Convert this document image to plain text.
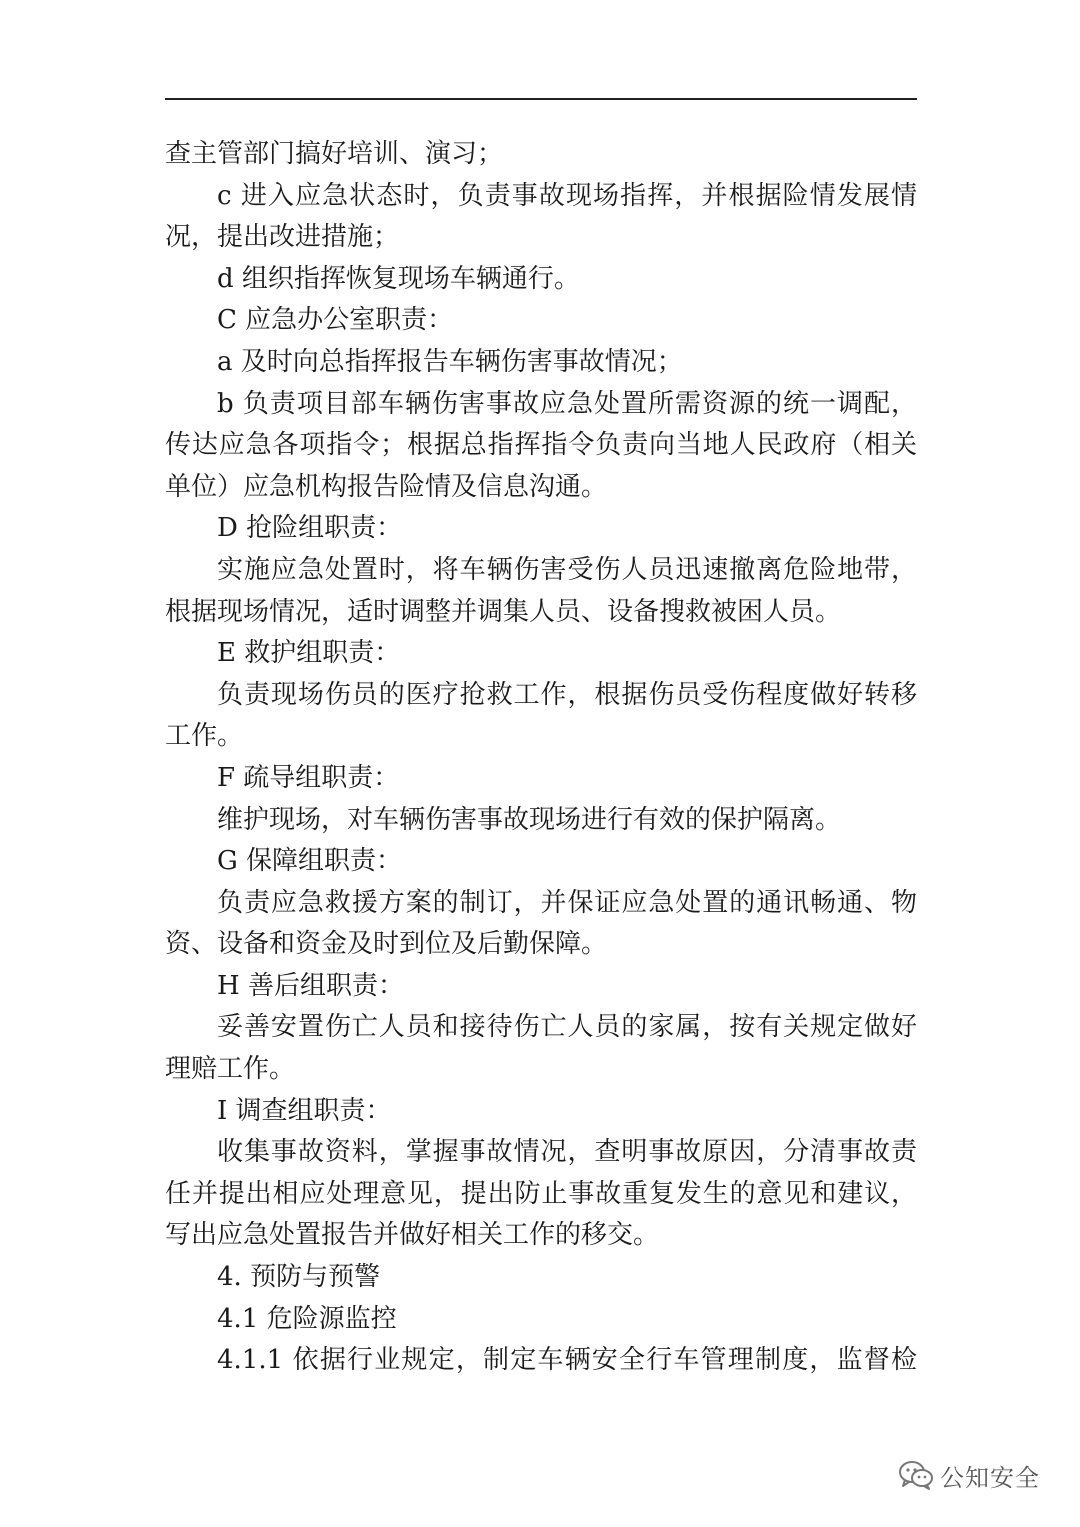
查主管部门搞好培训、演习；
c 进入应急状态时，负责事故现场指挥，并根据险情发展情
况，提出改进措施；
d 组织指挥恢复现场车辆通行。
C 应急办公室职责：
a 及时向总指挥报告车辆伤害事故情况；
b 负责项目部车辆伤害事故应急处置所需资源的统一调配，
传达应急各项指令；根据总指挥指令负责向当地人民政府（相关
单位）应急机构报告险情及信息沟通。
D 抢险组职责：
实施应急处置时，将车辆伤害受伤人员迅速撤离危险地带，
根据现场情况，适时调整并调集人员、设备搜救被困人员。
E 救护组职责：
负责现场伤员的医疗抢救工作，根据伤员受伤程度做好转移
工作。
F 疏导组职责：
维护现场，对车辆伤害事故现场进行有效的保护隔离。
G 保障组职责：
负责应急救援方案的制订，并保证应急处置的通讯畅通、物
资、设备和资金及时到位及后勤保障。
H 善后组职责：
妥善安置伤亡人员和接待伤亡人员的家属，按有关规定做好
理赔工作。
I 调查组职责：
收集事故资料，掌握事故情况，查明事故原因，分清事故责
任并提出相应处理意见，提出防止事故重复发生的意见和建议，
写出应急处置报告并做好相关工作的移交。
4. 预防与预警
4.1 危险源监控
4.1.1 依据行业规定，制定车辆安全行车管理制度，监督检
公知安全
